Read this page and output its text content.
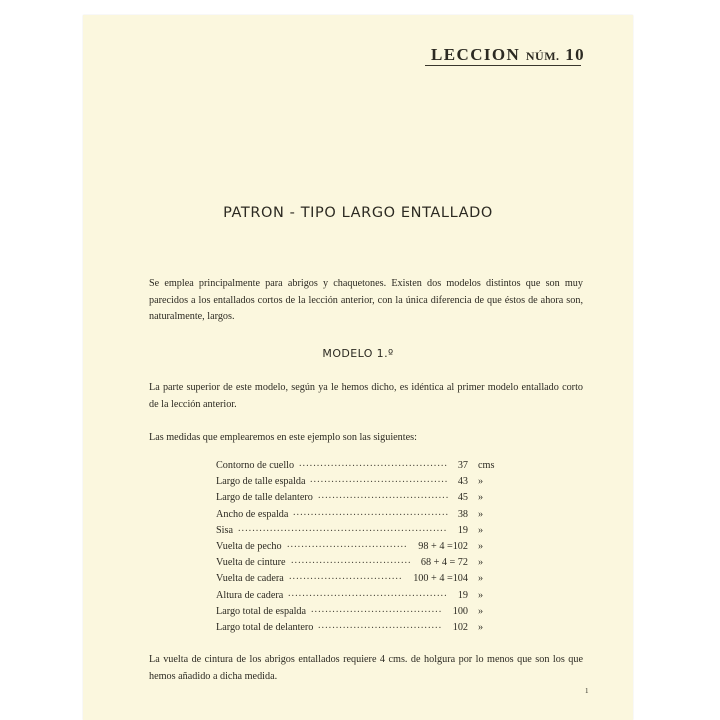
LECCION NÚM. 10
PATRON - TIPO LARGO ENTALLADO
Se emplea principalmente para abrigos y chaquetones. Existen dos modelos distintos que son muy parecidos a los entallados cortos de la lección anterior, con la única diferencia de que éstos de ahora son, naturalmente, largos.
MODELO 1.º
La parte superior de este modelo, según ya le hemos dicho, es idéntica al primer modelo entallado corto de la lección anterior.
Las medidas que emplearemos en este ejemplo son las siguientes:
Contorno de cuello .......................................... 37 cms
Largo de talle espalda ....................................... 43 »
Largo de talle delantero ..................................... 45 »
Ancho de espalda ............................................ 38 »
Sisa ...........................................................	19 »
Vuelta de pecho ..................................	98 + 4 =102 »
Vuelta de cinture .................................. 68 + 4 = 72 »
Vuelta de cadera ................................	100 + 4 =104 »
Altura de cadera .............................................	19 »
Largo total de espalda .....................................	100 »
Largo total de delantero ...................................	102 »
La vuelta de cintura de los abrigos entallados requiere 4 cms. de holgura por lo menos que son los que hemos añadido a dicha medida.
1
